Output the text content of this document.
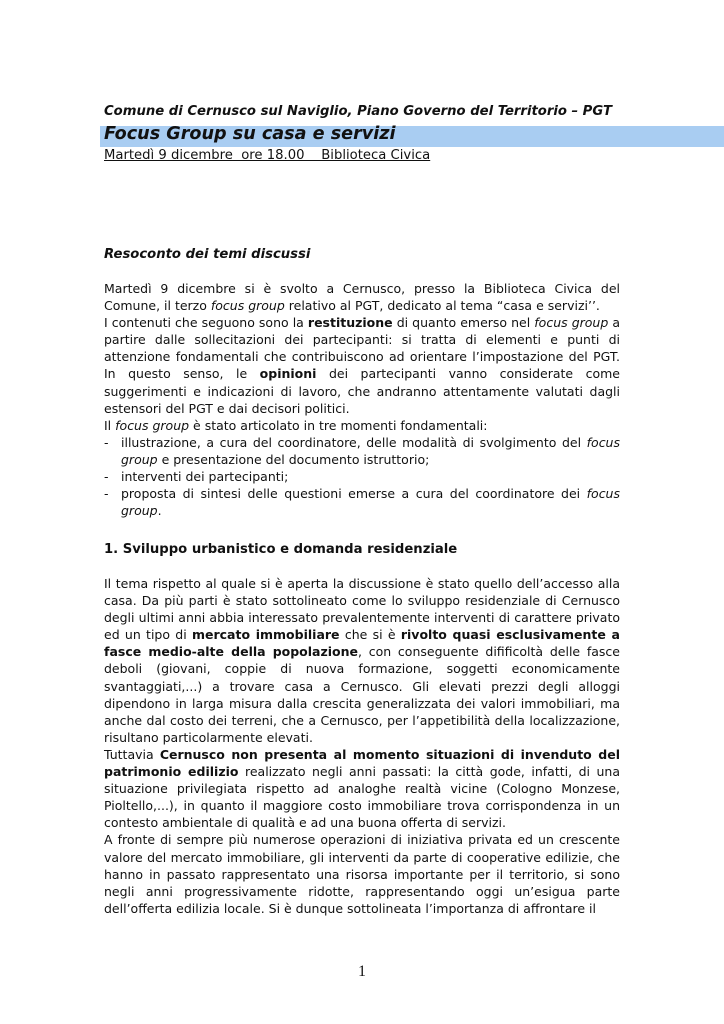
Comune di Cernusco sul Naviglio, Piano Governo del Territorio – PGT
Focus Group su casa e servizi
Martedì 9 dicembre  ore 18.00    Biblioteca Civica
Resoconto dei temi discussi

Martedì 9 dicembre si è svolto a Cernusco, presso la Biblioteca Civica del Comune, il terzo focus group relativo al PGT, dedicato al tema “casa e servizi’’.

I contenuti che seguono sono la restituzione di quanto emerso nel focus group a partire dalle sollecitazioni dei partecipanti: si tratta di elementi e punti di attenzione fondamentali che contribuiscono ad orientare l’impostazione del PGT. In questo senso, le opinioni dei partecipanti vanno considerate come suggerimenti e indicazioni di lavoro, che andranno attentamente valutati dagli estensori del PGT e dai decisori politici.

Il focus group è stato articolato in tre momenti fondamentali:

- illustrazione, a cura del coordinatore, delle modalità di svolgimento del focus group e presentazione del documento istruttorio;
- interventi dei partecipanti;
- proposta di sintesi delle questioni emerse a cura del coordinatore dei focus group.
1. Sviluppo urbanistico e domanda residenziale

Il tema rispetto al quale si è aperta la discussione è stato quello dell’accesso alla casa. Da più parti è stato sottolineato come lo sviluppo residenziale di Cernusco degli ultimi anni abbia interessato prevalentemente interventi di carattere privato ed un tipo di mercato immobiliare che si è rivolto quasi esclusivamente a fasce medio-alte della popolazione, con conseguente difificoltà delle fasce deboli (giovani, coppie di nuova formazione, soggetti economicamente svantaggiati,...) a trovare casa a Cernusco. Gli elevati prezzi degli alloggi dipendono in larga misura dalla crescita generalizzata dei valori immobiliari, ma anche dal costo dei terreni, che a Cernusco, per l’appetibilità della localizzazione, risultano particolarmente elevati.

Tuttavia Cernusco non presenta al momento situazioni di invenduto del patrimonio edilizio realizzato negli anni passati: la città gode, infatti, di una situazione privilegiata rispetto ad analoghe realtà vicine (Cologno Monzese, Pioltello,...), in quanto il maggiore costo immobiliare trova corrispondenza in un contesto ambientale di qualità e ad una buona offerta di servizi.

A fronte di sempre più numerose operazioni di iniziativa privata ed un crescente valore del mercato immobiliare, gli interventi da parte di cooperative edilizie, che hanno in passato rappresentato una risorsa importante per il territorio, si sono negli anni progressivamente ridotte, rappresentando oggi un’esigua parte dell’offerta edilizia locale. Si è dunque sottolineata l’importanza di affrontare il

1
